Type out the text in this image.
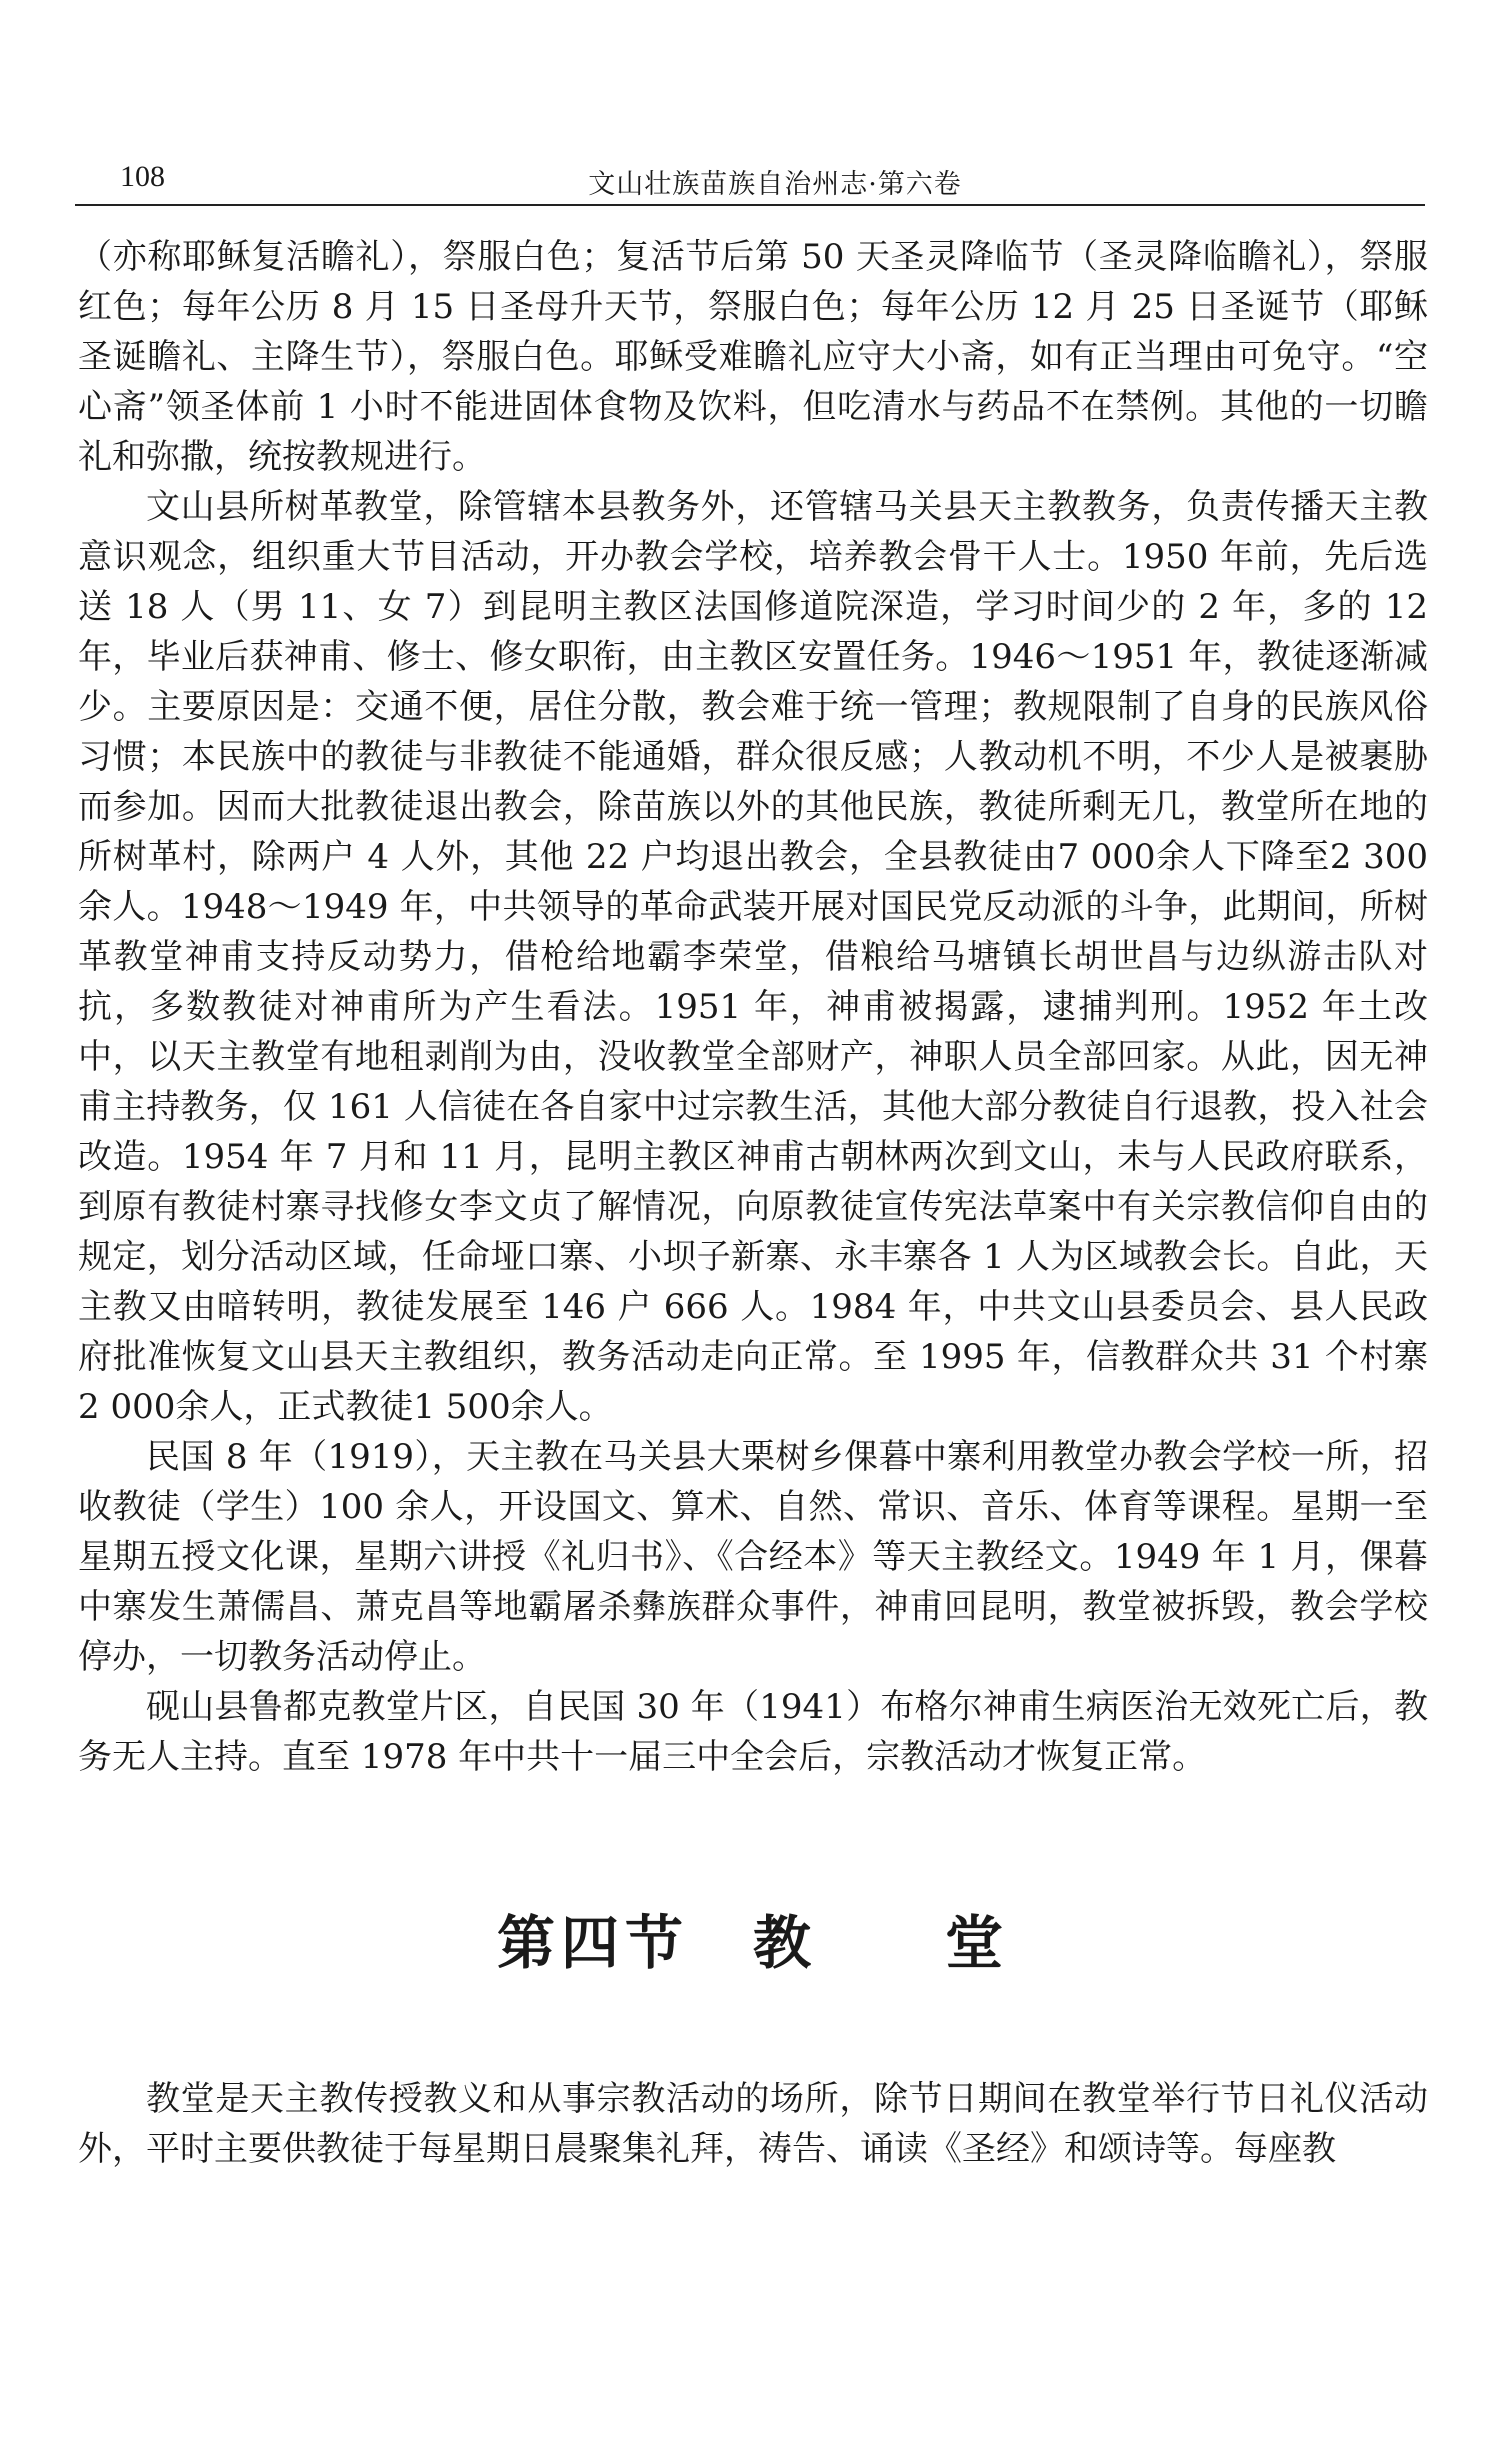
108	文山壮族苗族自治州志·第六卷

（亦称耶稣复活瞻礼），祭服白色；复活节后第 50 天圣灵降临节（圣灵降临瞻礼），祭服红色；每年公历 8 月 15 日圣母升天节，祭服白色；每年公历 12 月 25 日圣诞节（耶稣圣诞瞻礼、主降生节），祭服白色。耶稣受难瞻礼应守大小斋，如有正当理由可免守。“空心斋”领圣体前 1 小时不能进固体食物及饮料，但吃清水与药品不在禁例。其他的一切瞻礼和弥撒，统按教规进行。

文山县所树革教堂，除管辖本县教务外，还管辖马关县天主教教务，负责传播天主教意识观念，组织重大节目活动，开办教会学校，培养教会骨干人士。1950 年前，先后选送 18 人（男 11、女 7）到昆明主教区法国修道院深造，学习时间少的 2 年，多的 12 年，毕业后获神甫、修士、修女职衔，由主教区安置任务。1946～1951 年，教徒逐渐减少。主要原因是：交通不便，居住分散，教会难于统一管理；教规限制了自身的民族风俗习惯；本民族中的教徒与非教徒不能通婚，群众很反感；人教动机不明，不少人是被裹胁而参加。因而大批教徒退出教会，除苗族以外的其他民族，教徒所剩无几，教堂所在地的所树革村，除两户 4 人外，其他 22 户均退出教会，全县教徒由7 000余人下降至2 300余人。1948～1949 年，中共领导的革命武装开展对国民党反动派的斗争，此期间，所树革教堂神甫支持反动势力，借枪给地霸李荣堂，借粮给马塘镇长胡世昌与边纵游击队对抗，多数教徒对神甫所为产生看法。1951 年，神甫被揭露，逮捕判刑。1952 年土改中，以天主教堂有地租剥削为由，没收教堂全部财产，神职人员全部回家。从此，因无神甫主持教务，仅 161 人信徒在各自家中过宗教生活，其他大部分教徒自行退教，投入社会改造。1954 年 7 月和 11 月，昆明主教区神甫古朝林两次到文山，未与人民政府联系，到原有教徒村寨寻找修女李文贞了解情况，向原教徒宣传宪法草案中有关宗教信仰自由的规定，划分活动区域，任命垭口寨、小坝子新寨、永丰寨各 1 人为区域教会长。自此，天主教又由暗转明，教徒发展至 146 户 666 人。1984 年，中共文山县委员会、县人民政府批准恢复文山县天主教组织，教务活动走向正常。至 1995 年，信教群众共 31 个村寨2 000余人，正式教徒1 500余人。

民国 8 年（1919），天主教在马关县大栗树乡倮暮中寨利用教堂办教会学校一所，招收教徒（学生）100 余人，开设国文、算术、自然、常识、音乐、体育等课程。星期一至星期五授文化课，星期六讲授《礼归书》、《合经本》等天主教经文。1949 年 1 月，倮暮中寨发生萧儒昌、萧克昌等地霸屠杀彝族群众事件，神甫回昆明，教堂被拆毁，教会学校停办，一切教务活动停止。

砚山县鲁都克教堂片区，自民国 30 年（1941）布格尔神甫生病医治无效死亡后，教务无人主持。直至 1978 年中共十一届三中全会后，宗教活动才恢复正常。

第四节　教　　堂

教堂是天主教传授教义和从事宗教活动的场所，除节日期间在教堂举行节日礼仪活动外，平时主要供教徒于每星期日晨聚集礼拜，祷告、诵读《圣经》和颂诗等。每座教
